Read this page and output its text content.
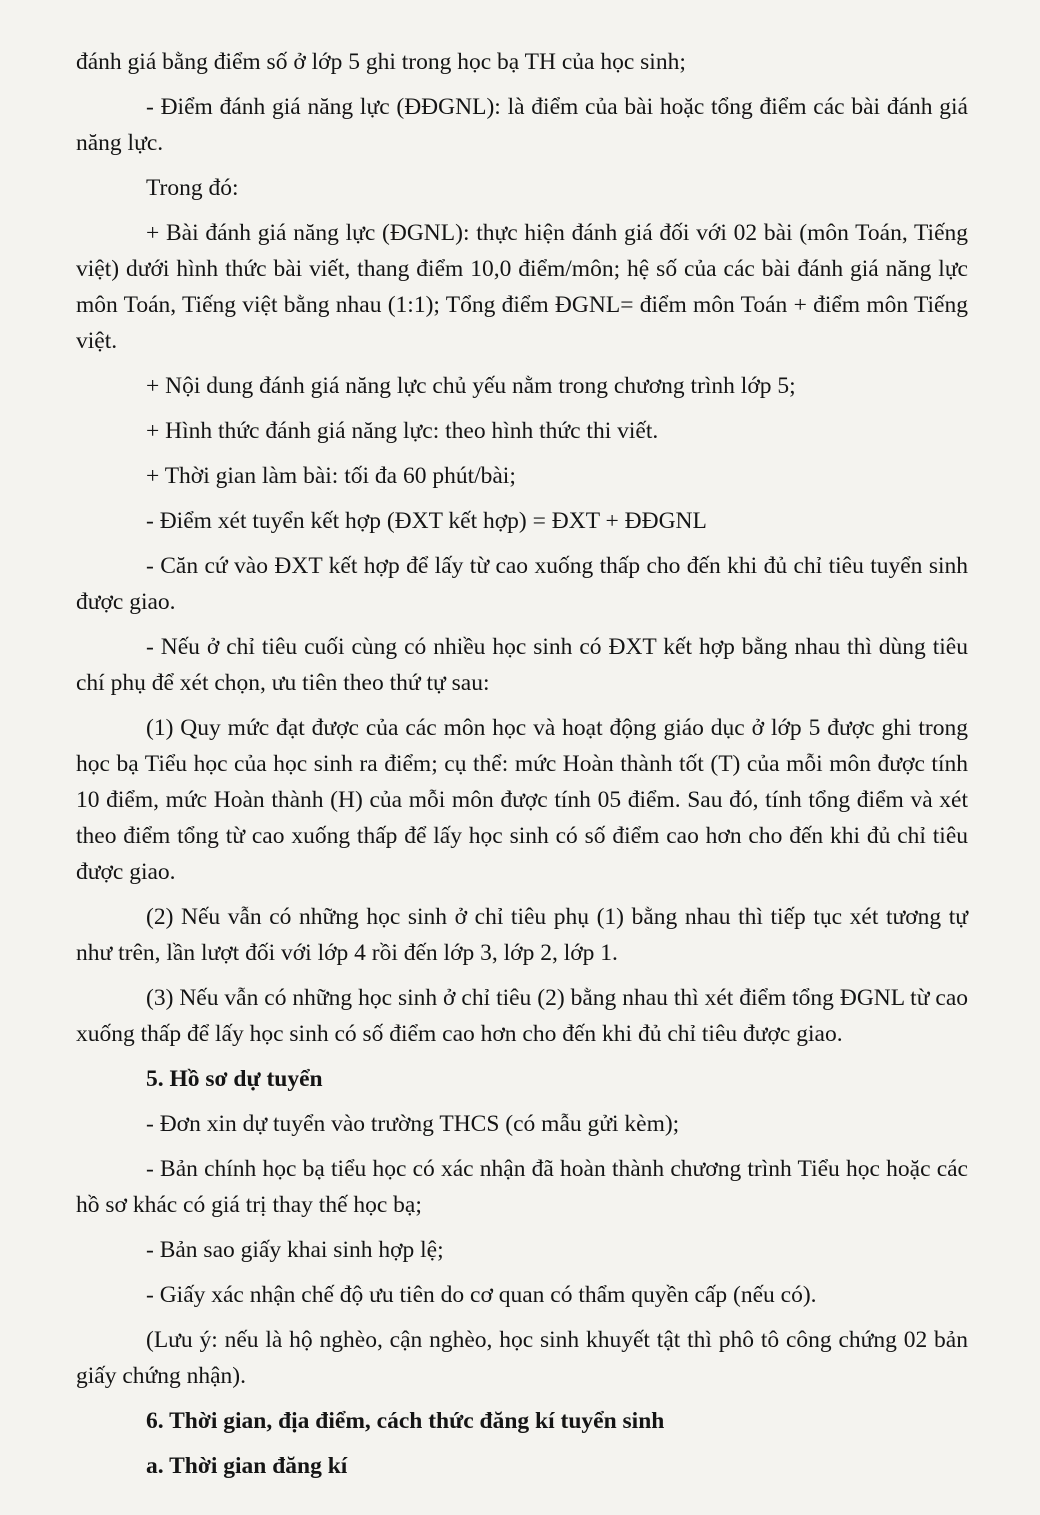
đánh giá bằng điểm số ở lớp 5 ghi trong học bạ TH của học sinh;

- Điểm đánh giá năng lực (ĐĐGNL): là điểm của bài hoặc tổng điểm các bài đánh giá năng lực.

Trong đó:

+ Bài đánh giá năng lực (ĐGNL): thực hiện đánh giá đối với 02 bài (môn Toán, Tiếng việt) dưới hình thức bài viết, thang điểm 10,0 điểm/môn; hệ số của các bài đánh giá năng lực môn Toán, Tiếng việt bằng nhau (1:1); Tổng điểm ĐGNL= điểm môn Toán + điểm môn Tiếng việt.

+ Nội dung đánh giá năng lực chủ yếu nằm trong chương trình lớp 5;

+ Hình thức đánh giá năng lực: theo hình thức thi viết.

+ Thời gian làm bài: tối đa 60 phút/bài;

- Điểm xét tuyển kết hợp (ĐXT kết hợp) = ĐXT + ĐĐGNL

- Căn cứ vào ĐXT kết hợp để lấy từ cao xuống thấp cho đến khi đủ chỉ tiêu tuyển sinh được giao.

- Nếu ở chỉ tiêu cuối cùng có nhiều học sinh có ĐXT kết hợp bằng nhau thì dùng tiêu chí phụ để xét chọn, ưu tiên theo thứ tự sau:

(1) Quy mức đạt được của các môn học và hoạt động giáo dục ở lớp 5 được ghi trong học bạ Tiểu học của học sinh ra điểm; cụ thể: mức Hoàn thành tốt (T) của mỗi môn được tính 10 điểm, mức Hoàn thành (H) của mỗi môn được tính 05 điểm. Sau đó, tính tổng điểm và xét theo điểm tổng từ cao xuống thấp để lấy học sinh có số điểm cao hơn cho đến khi đủ chỉ tiêu được giao.

(2) Nếu vẫn có những học sinh ở chỉ tiêu phụ (1) bằng nhau thì tiếp tục xét tương tự như trên, lần lượt đối với lớp 4 rồi đến lớp 3, lớp 2, lớp 1.

(3) Nếu vẫn có những học sinh ở chỉ tiêu (2) bằng nhau thì xét điểm tổng ĐGNL từ cao xuống thấp để lấy học sinh có số điểm cao hơn cho đến khi đủ chỉ tiêu được giao.

5. Hồ sơ dự tuyển

- Đơn xin dự tuyển vào trường THCS (có mẫu gửi kèm);

- Bản chính học bạ tiểu học có xác nhận đã hoàn thành chương trình Tiểu học hoặc các hồ sơ khác có giá trị thay thế học bạ;

- Bản sao giấy khai sinh hợp lệ;

- Giấy xác nhận chế độ ưu tiên do cơ quan có thẩm quyền cấp (nếu có).

(Lưu ý: nếu là hộ nghèo, cận nghèo, học sinh khuyết tật thì phô tô công chứng 02 bản giấy chứng nhận).

6. Thời gian, địa điểm, cách thức đăng kí tuyển sinh

a. Thời gian đăng kí
